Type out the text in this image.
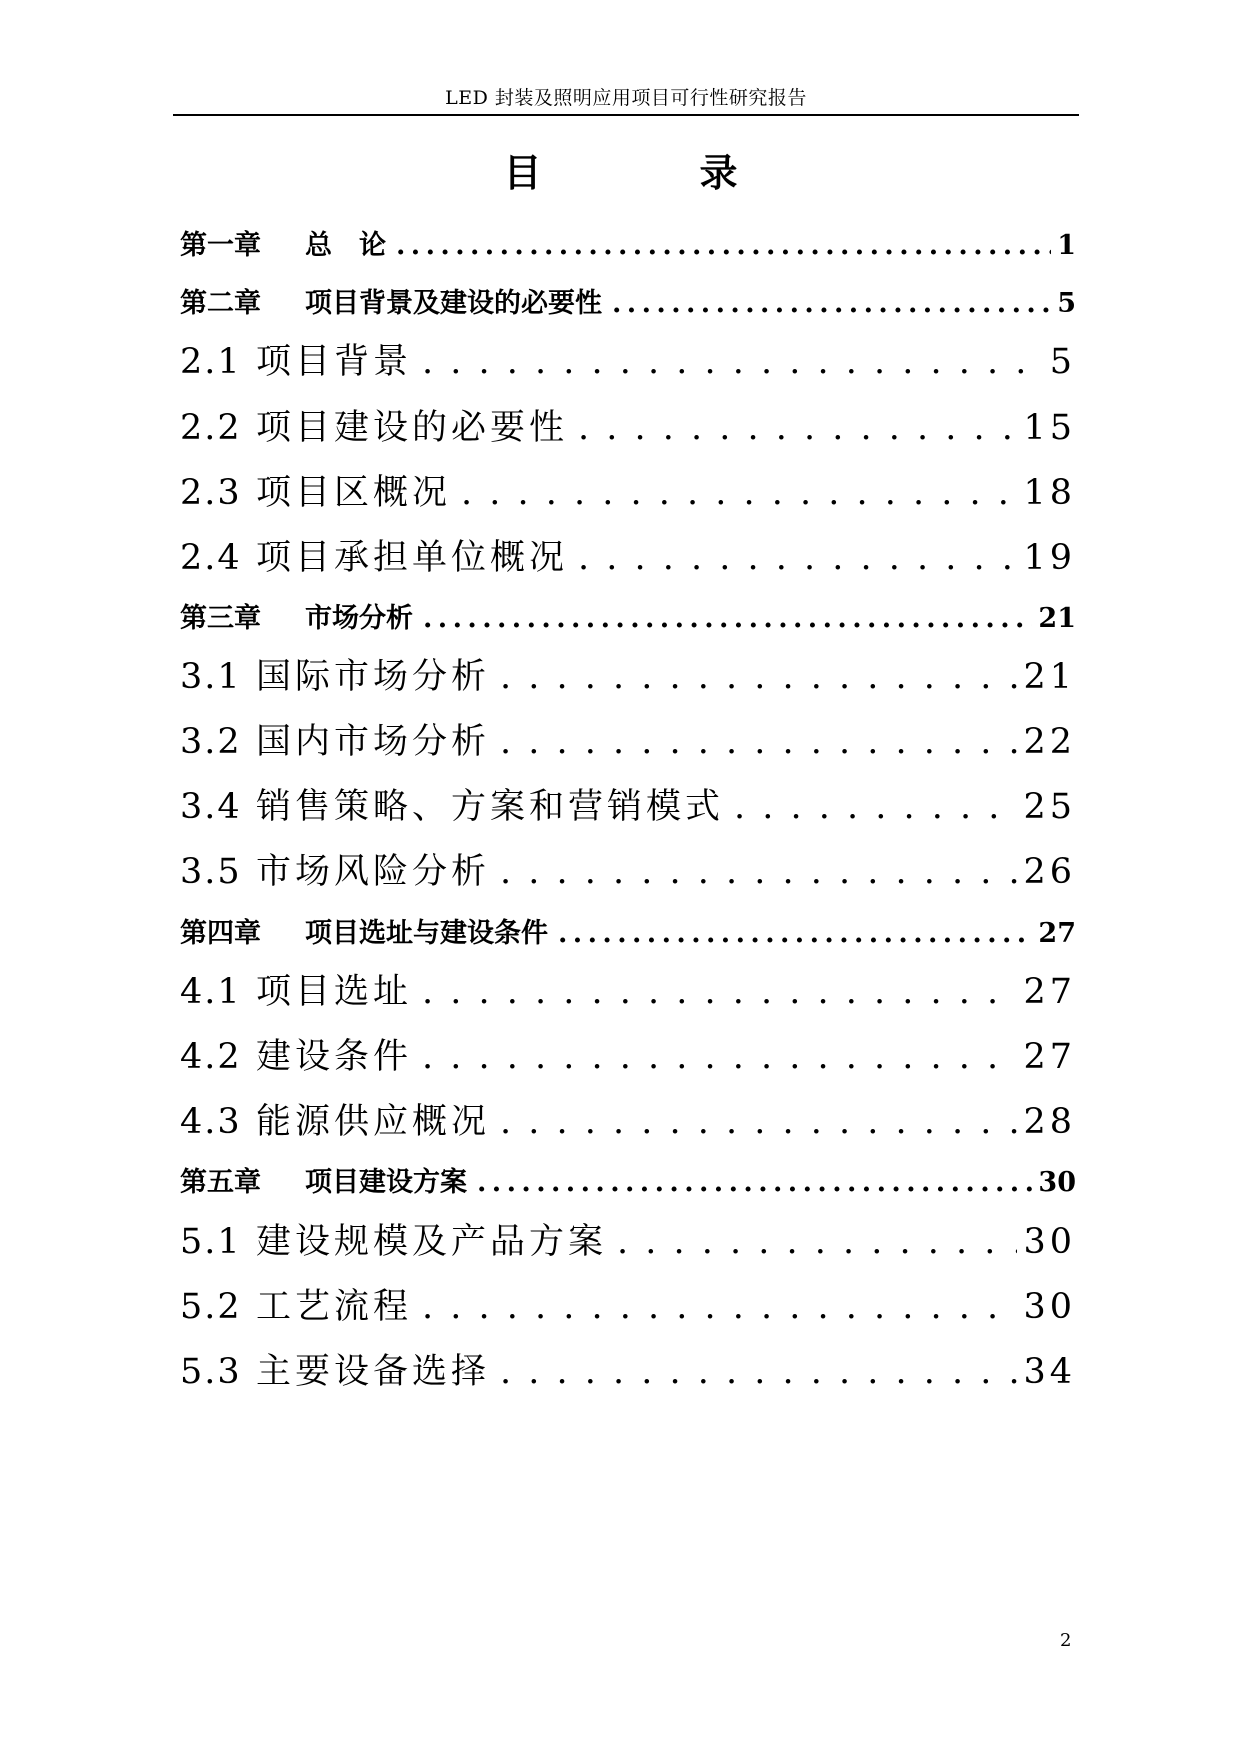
LED 封装及照明应用项目可行性研究报告
目　录
第一章 总　论 . . .	1
第二章 项目背景及建设的必要性 . . .	5
2.1 项目背景 . . .	5
2.2 项目建设的必要性 . . .	15
2.3 项目区概况 . . .	18
2.4 项目承担单位概况 . . .	19
第三章 市场分析 . . .	21
3.1 国际市场分析 . . .	21
3.2 国内市场分析 . . .	22
3.4 销售策略、方案和营销模式 . . .	25
3.5 市场风险分析 . . .	26
第四章 项目选址与建设条件 . . .	27
4.1 项目选址 . . .	27
4.2 建设条件 . . .	27
4.3 能源供应概况 . . .	28
第五章 项目建设方案 . . .	30
5.1 建设规模及产品方案 . . .	30
5.2 工艺流程 . . .	30
5.3 主要设备选择 . . .	34
2
